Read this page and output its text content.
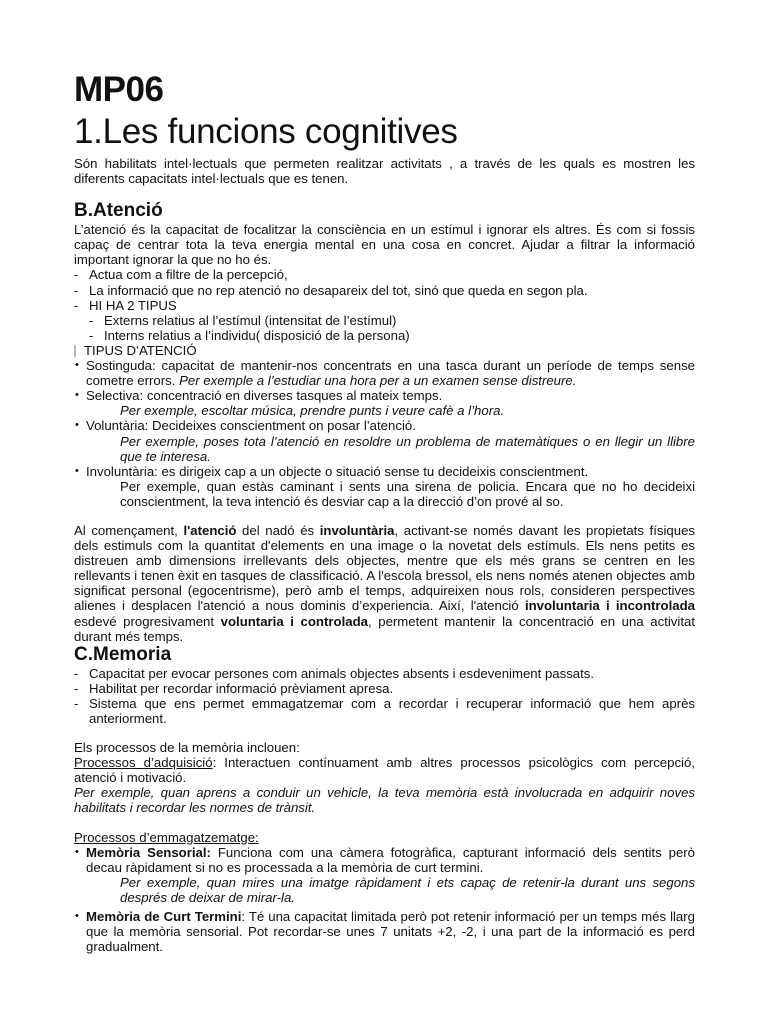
MP06
1.Les funcions cognitives
Són habilitats intel·lectuals que permeten realitzar activitats , a través de les quals es mostren les diferents capacitats intel·lectuals que es tenen.
B.Atenció
L’atenció és la capacitat de focalitzar la consciència en un estímul i ignorar els altres. És com si fossis capaç de centrar tota la teva energia mental en una cosa en concret. Ajudar a filtrar la informació important ignorar la que no ho és.
- Actua com a filtre de la percepció,
- La informació que no rep atenció no desapareix del tot, sinó que queda en segon pla.
- HI HA 2 TIPUS
- Externs relatius al l’estímul (intensitat de l’estímul)
- Interns relatius a l’individu( disposició de la persona)
TIPUS D’ATENCIÓ
• Sostinguda: capacitat de mantenir-nos concentrats en una tasca durant un període de temps sense cometre errors. Per exemple a l’estudiar una hora per a un examen sense distreure.
• Selectiva: concentració en diverses tasques al mateix temps.
Per exemple, escoltar música, prendre punts i veure cafè a l’hora.
• Voluntària: Decideixes conscientment on posar l’atenció.
Per exemple, poses tota l’atenció en resoldre un problema de matemàtiques o en llegir un llibre que te interesa.
• Involuntària: es dirigeix cap a un objecte o situació sense tu decideixis conscientment.
Per exemple, quan estàs caminant i sents una sirena de policia. Encara que no ho decideixi conscientment, la teva intenció és desviar cap a la direcció d’on prové al so.
Al començament, l'atenció del nadó és involuntària, activant-se només davant les propietats físiques dels estimuls com la quantitat d'elements en una image o la novetat dels estímuls. Els nens petits es distreuen amb dimensions irrellevants dels objectes, mentre que els més grans se centren en les rellevants i tenen èxit en tasques de classificació. A l'escola bressol, els nens només atenen objectes amb significat personal (egocentrisme), però amb el temps, adquireixen nous rols, consideren perspectives alienes i desplacen l'atenció a nous dominis d’experiencia. Així, l'atenció involuntaria i incontrolada esdevé progresivament voluntaria i controlada, permetent mantenir la concentració en una activitat durant més temps.
C.Memoria
- Capacitat per evocar persones com animals objectes absents i esdeveniment passats.
- Habilitat per recordar informació prèviament apresa.
- Sistema que ens permet emmagatzemar com a recordar i recuperar informació que hem après anteriorment.
Els processos de la memòria inclouen:
Processos d’adquisició: Interactuen contínuament amb altres processos psicològics com percepció, atenció i motivació.
Per exemple, quan aprens a conduir un vehicle, la teva memòria està involucrada en adquirir noves habilitats i recordar les normes de trànsit.
Processos d’emmagatzematge:
• Memòria Sensorial: Funciona com una càmera fotogràfica, capturant informació dels sentits però decau ràpidament si no es processada a la memòria de curt termini.
Per exemple, quan mires una imatge ràpidament i ets capaç de retenir-la durant uns segons després de deixar de mirar-la.
• Memòria de Curt Termini: Té una capacitat limitada però pot retenir informació per un temps més llarg que la memòria sensorial. Pot recordar-se unes 7 unitats +2, -2, i una part de la informació es perd gradualment.
